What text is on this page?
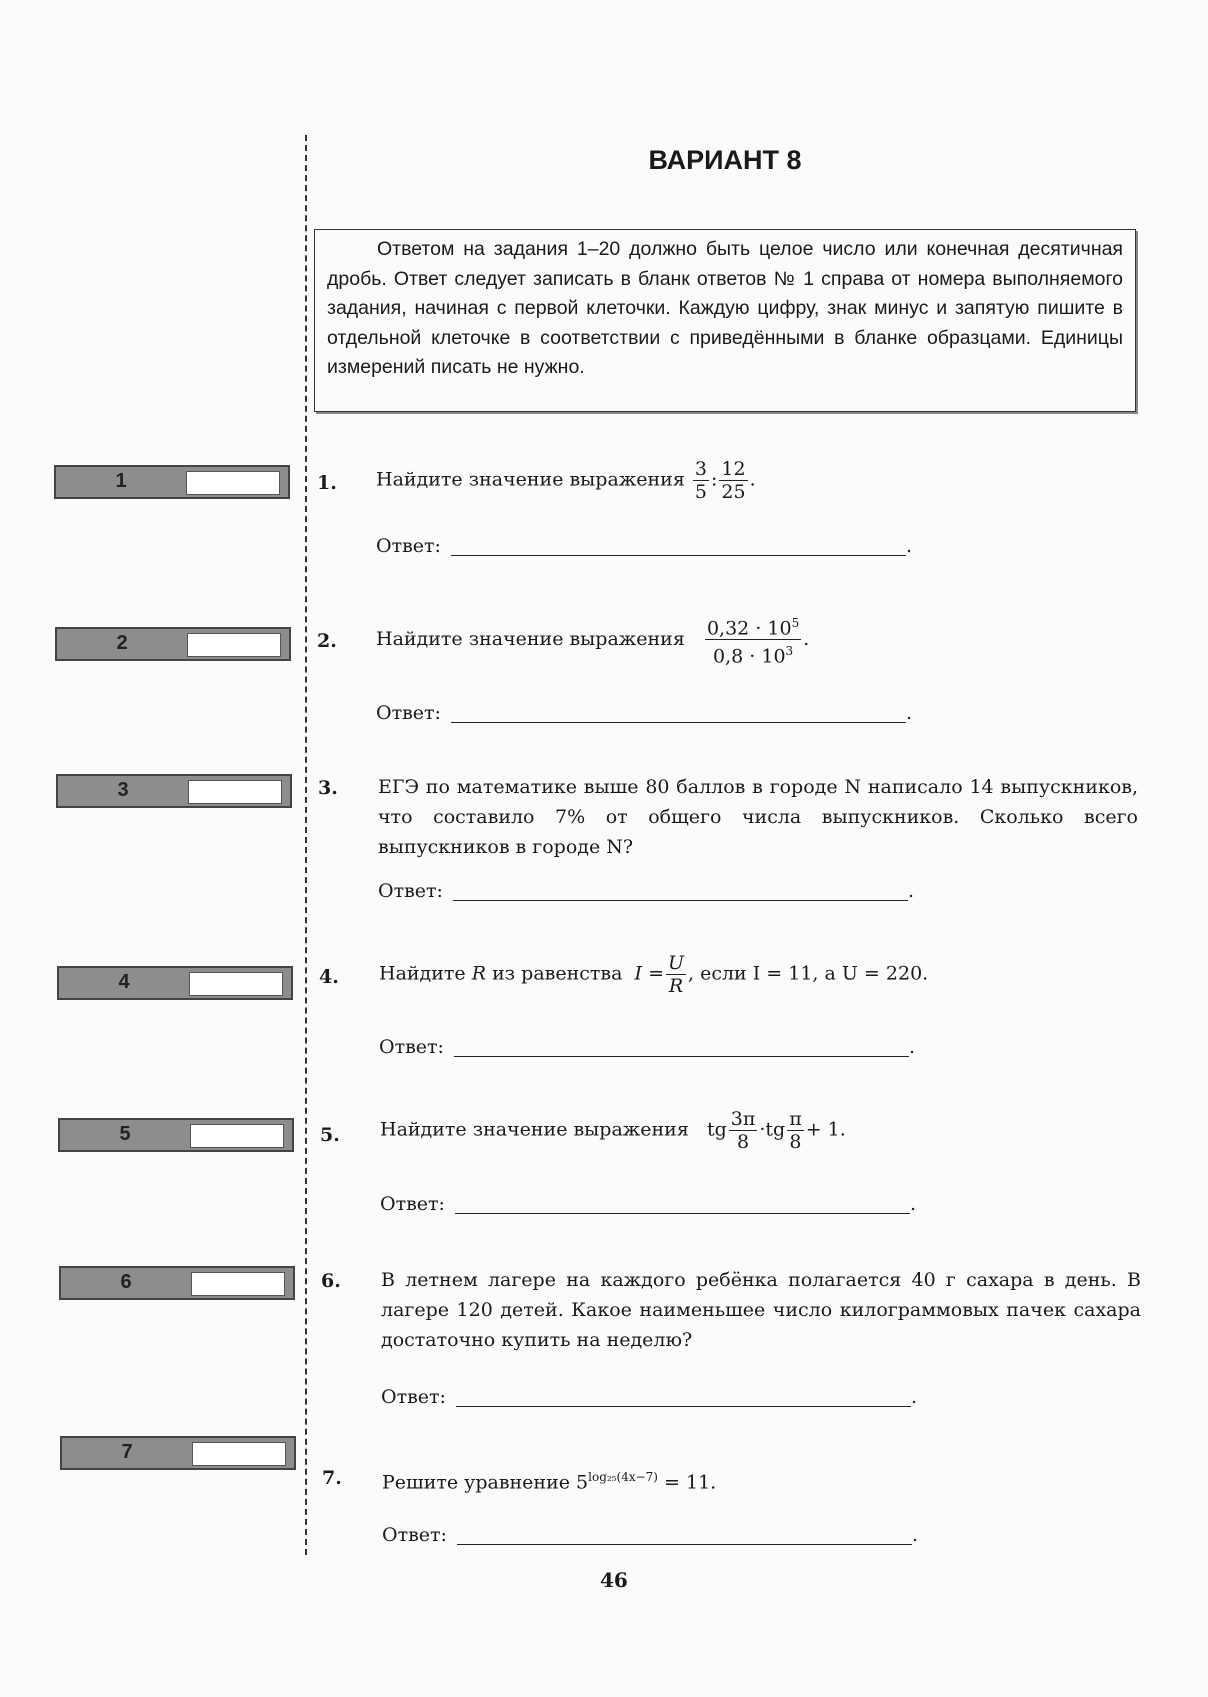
ВАРИАНТ 8
Ответом на задания 1–20 должно быть целое число или конечная десятичная дробь. Ответ следует записать в бланк ответов № 1 справа от номера выполняемого задания, начиная с первой клеточки. Каждую цифру, знак минус и запятую пишите в отдельной клеточке в соответствии с приведёнными в бланке образцами. Единицы измерений писать не нужно.
1	1. Найдите значение выражения $\frac{3}{5}$ : $\frac{12}{25}$ .
Ответ:	.
2	2. Найдите значение выражения $\frac{0,32 \cdot 10^5}{0,8 \cdot 10^3}$ .
Ответ:	.
3	3. ЕГЭ по математике выше 80 баллов в городе N написало 14 выпускников, что составило 7% от общего числа выпускников. Сколько всего выпускников в городе N?
Ответ:	.
4	4. Найдите R из равенства $I = \frac{U}{R}$ , если I = 11, а U = 220.
Ответ:	.
5	5. Найдите значение выражения tg $\frac{3\pi}{8} \cdot tg \frac{\pi}{8} + 1$.
Ответ:	.
6	6. В летнем лагере на каждого ребёнка полагается 40 г сахара в день. В лагере 120 детей. Какое наименьшее число килограммовых пачек сахара достаточно купить на неделю?
Ответ:	.
7
7. Решите уравнение $5^{log_{25}(4x-7)} = 11$.
Ответ:	.
46
